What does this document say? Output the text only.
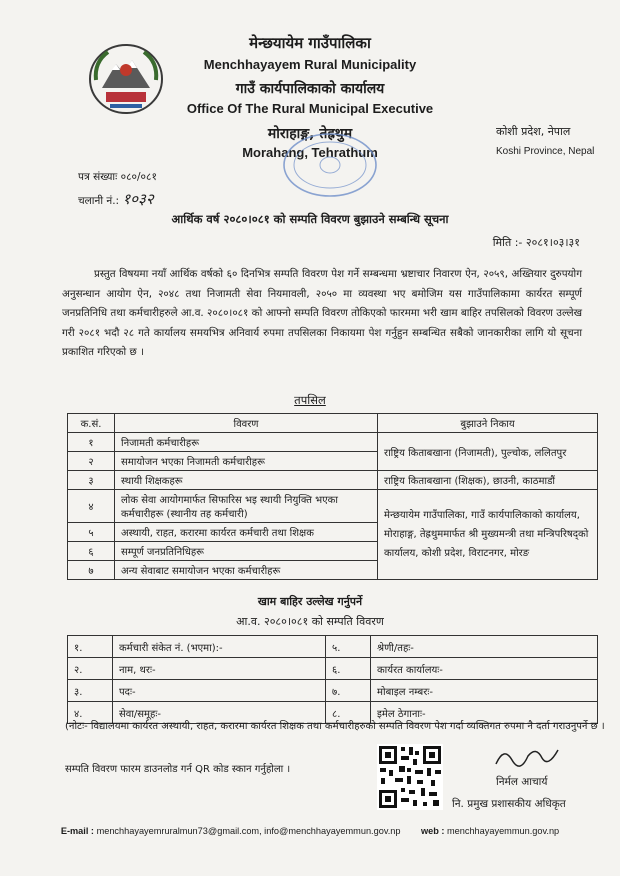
मेन्छयायेम गाउँपालिका
Menchhayayem Rural Municipality
गाउँ कार्यपालिकाको कार्यालय
Office Of The Rural Municipal Executive
मोराहाङ्ग, तेह्रथुम
Morahang, Tehrathum
कोशी प्रदेश, नेपाल
Koshi Province, Nepal
पत्र संख्याः ०८०/०८१
चलानी नं.: १०३२
आर्थिक वर्ष २०८०।०८१ को सम्पति विवरण बुझाउने सम्बन्धि सूचना
मिति :- २०८१।०३।३१
प्रस्तुत विषयमा नयाँ आर्थिक वर्षको ६० दिनभित्र सम्पति विवरण पेश गर्ने सम्बन्धमा भ्रष्टाचार निवारण ऐन, २०५९, अख्तियार दुरुपयोग अनुसन्धान आयोग ऐन, २०४८ तथा निजामती सेवा नियमावली, २०५० मा व्यवस्था भए बमोजिम यस गाउँपालिकामा कार्यरत सम्पूर्ण जनप्रतिनिधि तथा कर्मचारीहरुले आ.व. २०८०।०८१ को आफ्नो सम्पति विवरण तोकिएको फारममा भरी खाम बाहिर तपसिलको विवरण उल्लेख गरी २०८१ भदौ २८ गते कार्यालय समयभित्र अनिवार्य रुपमा तपसिलका निकायमा पेश गर्नुहुन सम्बन्धित सबैको जानकारीका लागि यो सूचना प्रकाशित गरिएको छ ।
तपसिल
क.सं.	विवरण	बुझाउने निकाय
१	निजामती कर्मचारीहरू	राष्ट्रिय किताबखाना (निजामती), पुल्चोक, ललितपुर
२	समायोजन भएका निजामती कर्मचारीहरू	
३	स्थायी शिक्षकहरू	राष्ट्रिय किताबखाना (शिक्षक), छाउनी, काठमाडौं
४	लोक सेवा आयोगमार्फत सिफारिस भइ स्थायी नियुक्ति भएका कर्मचारीहरू (स्थानीय तह कर्मचारी)	मेन्छयायेम गाउँपालिका, गाउँ कार्यपालिकाको कार्यालय, मोराहाङ्ग, तेह्रथुममार्फत श्री मुख्यमन्त्री तथा मन्त्रिपरिषद्को कार्यालय, कोशी प्रदेश, विराटनगर, मोरङ
५	अस्थायी, राहत, करारमा कार्यरत कर्मचारी तथा शिक्षक	
६	सम्पूर्ण जनप्रतिनिधिहरू	
७	अन्य सेवाबाट समायोजन भएका कर्मचारीहरू	
खाम बाहिर उल्लेख गर्नुपर्ने
आ.व. २०८०।०८१ को सम्पति विवरण
१.	कर्मचारी संकेत नं. (भएमा):-	५.	श्रेणी/तहः-
२.	नाम, थरः-	६.	कार्यरत कार्यालयः-
३.	पदः-	७.	मोबाइल नम्बरः-
४.	सेवा/समूहः-	८.	इमेल ठेगानाः-
(नोटः- विद्यालयमा कार्यरत अस्थायी, राहत, करारमा कार्यरत शिक्षक तथा कर्मचारीहरुको सम्पति विवरण पेश गर्दा व्यक्तिगत रुपमा नै दर्ता गराउनुपर्ने छ ।
सम्पति विवरण फारम डाउनलोड गर्न QR कोड स्कान गर्नुहोला ।
निर्मल आचार्य
नि. प्रमुख प्रशासकीय अधिकृत
E-mail : menchhayayemruralmun73@gmail.com, info@menchhayayemmun.gov.np web : menchhayayemmun.gov.np
